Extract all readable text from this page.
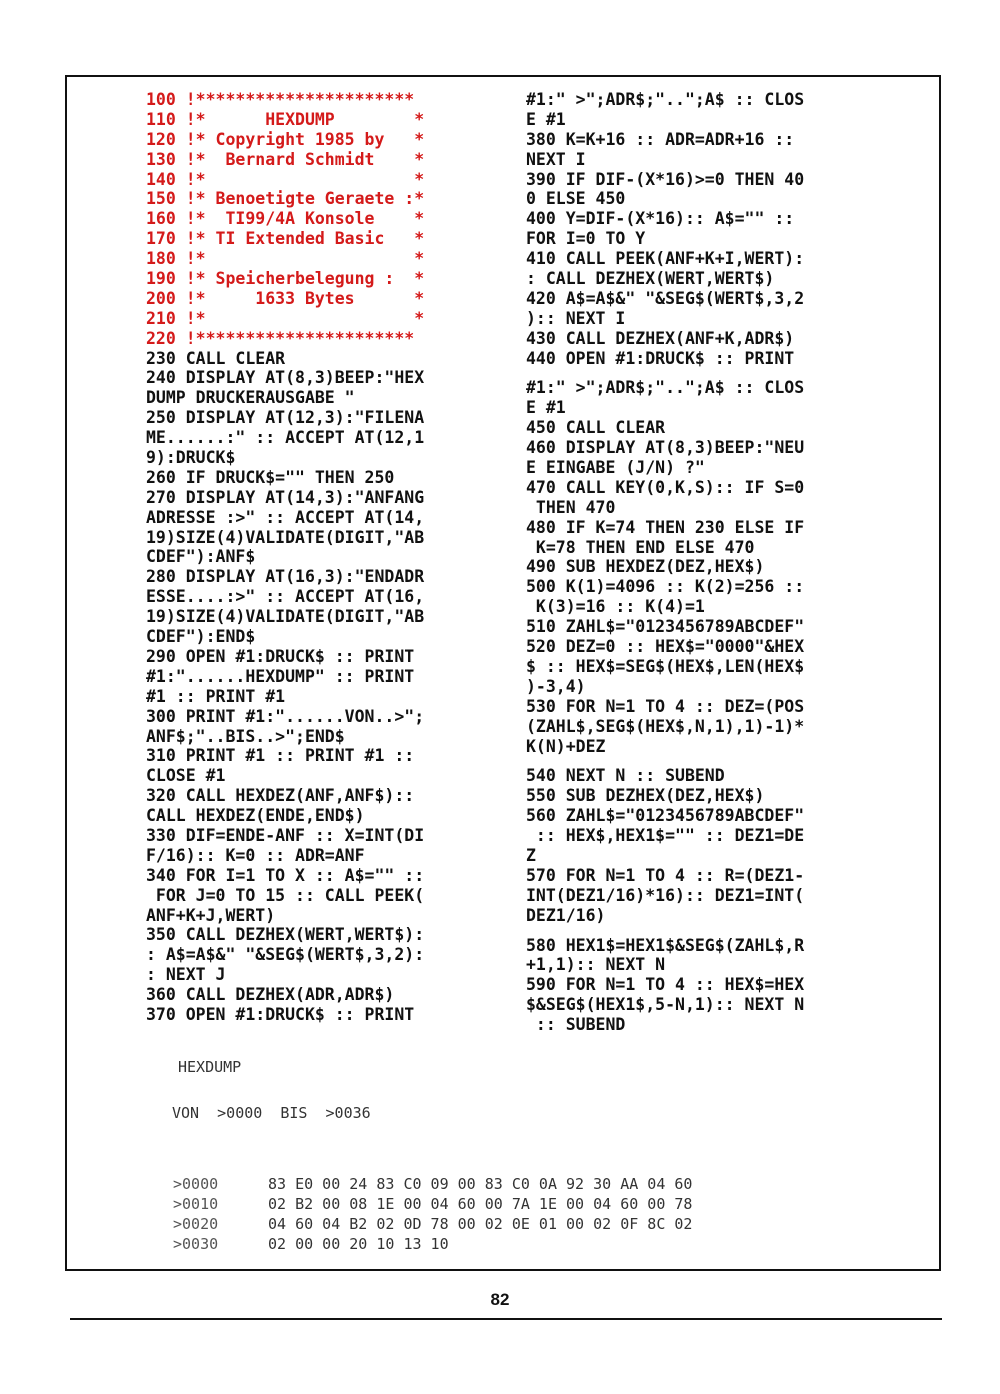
100 !**********************
110 !*      HEXDUMP        *
120 !* Copyright 1985 by   *
130 !*  Bernard Schmidt    *
140 !*                     *
150 !* Benoetigte Geraete :*
160 !*  TI99/4A Konsole    *
170 !* TI Extended Basic   *
180 !*                     *
190 !* Speicherbelegung :  *
200 !*     1633 Bytes      *
210 !*                     *
220 !**********************
230 CALL CLEAR
240 DISPLAY AT(8,3)BEEP:"HEX
DUMP DRUCKERAUSGABE "
250 DISPLAY AT(12,3):"FILENA
ME......:" :: ACCEPT AT(12,1
9):DRUCK$
260 IF DRUCK$="" THEN 250
270 DISPLAY AT(14,3):"ANFANG
ADRESSE :>" :: ACCEPT AT(14,
19)SIZE(4)VALIDATE(DIGIT,"AB
CDEF"):ANF$
280 DISPLAY AT(16,3):"ENDADR
ESSE....:>" :: ACCEPT AT(16,
19)SIZE(4)VALIDATE(DIGIT,"AB
CDEF"):END$
290 OPEN #1:DRUCK$ :: PRINT
#1:"......HEXDUMP" :: PRINT
#1 :: PRINT #1
300 PRINT #1:"......VON..>";
ANF$;"..BIS..>";END$
310 PRINT #1 :: PRINT #1 ::
CLOSE #1
320 CALL HEXDEZ(ANF,ANF$)::
CALL HEXDEZ(ENDE,END$)
330 DIF=ENDE-ANF :: X=INT(DI
F/16):: K=0 :: ADR=ANF
340 FOR I=1 TO X :: A$="" ::
FOR J=0 TO 15 :: CALL PEEK(
ANF+K+J,WERT)
350 CALL DEZHEX(WERT,WERT$):
: A$=A$&" "&SEG$(WERT$,3,2):
: NEXT J
360 CALL DEZHEX(ADR,ADR$)
370 OPEN #1:DRUCK$ :: PRINT
#1:" >";ADR$;"..";A$ :: CLOS
E #1
380 K=K+16 :: ADR=ADR+16 ::
NEXT I
390 IF DIF-(X*16)>=0 THEN 40
0 ELSE 450
400 Y=DIF-(X*16):: A$="" ::
FOR I=0 TO Y
410 CALL PEEK(ANF+K+I,WERT):
: CALL DEZHEX(WERT,WERT$)
420 A$=A$&" "&SEG$(WERT$,3,2
):: NEXT I
430 CALL DEZHEX(ANF+K,ADR$)
440 OPEN #1:DRUCK$ :: PRINT
#1:" >";ADR$;"..";A$ :: CLOS
E #1
450 CALL CLEAR
460 DISPLAY AT(8,3)BEEP:"NEU
E EINGABE (J/N) ?"
470 CALL KEY(0,K,S):: IF S=0
THEN 470
480 IF K=74 THEN 230 ELSE IF
K=78 THEN END ELSE 470
490 SUB HEXDEZ(DEZ,HEX$)
500 K(1)=4096 :: K(2)=256 ::
K(3)=16 :: K(4)=1
510 ZAHL$="0123456789ABCDEF"
520 DEZ=0 :: HEX$="0000"&HEX
$ :: HEX$=SEG$(HEX$,LEN(HEX$
)-3,4)
530 FOR N=1 TO 4 :: DEZ=(POS
(ZAHL$,SEG$(HEX$,N,1),1)-1)*
K(N)+DEZ
540 NEXT N :: SUBEND
550 SUB DEZHEX(DEZ,HEX$)
560 ZAHL$="0123456789ABCDEF"
:: HEX$,HEX1$="" :: DEZ1=DE
Z
570 FOR N=1 TO 4 :: R=(DEZ1-
INT(DEZ1/16)*16):: DEZ1=INT(
DEZ1/16)
580 HEX1$=HEX1$&SEG$(ZAHL$,R
+1,1):: NEXT N
590 FOR N=1 TO 4 :: HEX$=HEX
$&SEG$(HEX1$,5-N,1):: NEXT N
:: SUBEND

HEXDUMP

VON  >0000  BIS  >0036

>0000	83 E0 00 24 83 C0 09 00 83 C0 0A 92 30 AA 04 60
>0010	02 B2 00 08 1E 00 04 60 00 7A 1E 00 04 60 00 78
>0020	04 60 04 B2 02 0D 78 00 02 0E 01 00 02 0F 8C 02
>0030	02 00 00 20 10 13 10

82
